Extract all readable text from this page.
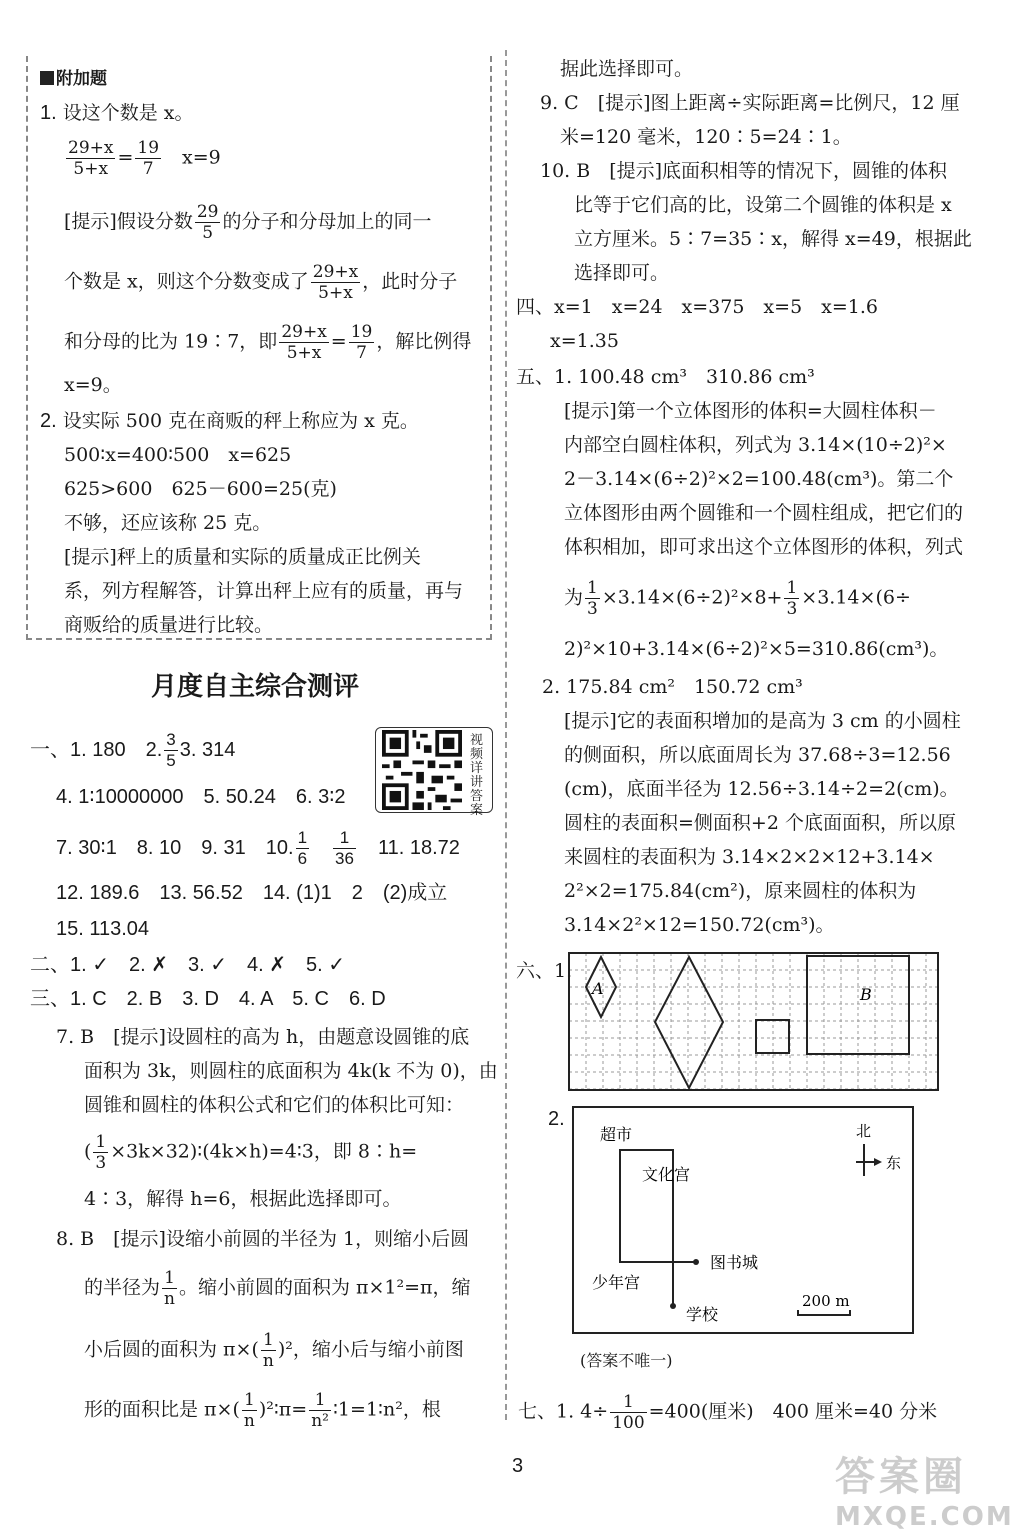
附加题
1. 设这个数是 x。
$\frac{29+x}{5+x} = \frac{19}{7}$
　 x=9
[提示]假设分数 $\frac{29}{5}$ 的分子和分母加上的同一
个数是 x，则这个分数变成了 $\frac{29+x}{5+x}$ ，此时分子
和分母的比为 19∶7，即 $\frac{29+x}{5+x} = \frac{19}{7}$ ，解比例得
x=9。
2. 设实际 500 克在商贩的秤上称应为 x 克。
500∶x=400∶500　x=625
625>600　625－600=25(克)
不够，还应该称 25 克。
[提示]秤上的质量和实际的质量成正比例关
系，列方程解答，计算出秤上应有的质量，再与
商贩给的质量进行比较。
月度自主综合测评
视频详讲答案
一、1. 180　2. $\frac{3}{5} 3$. 314
4. 1∶10000000　5. 50.24　6. 3∶2
7. 30∶1　8. 10　9. 31　10. $\frac{1}{6}$
　 $\frac{1}{36}$
　 11. 18.72
12. 189.6　13. 56.52　14. (1)1　2　(2)成立
15. 113.04
二、1. ✓　2. ✗　3. ✓　4. ✗　5. ✓
三、1. C　2. B　3. D　4. A　5. C　6. D
7. B　[提示]设圆柱的高为 h，由题意设圆锥的底
面积为 3k，则圆柱的底面积为 4k(k 不为 0)，由
圆锥和圆柱的体积公式和它们的体积比可知：
( $\frac{1}{3}$ ×3k×32)∶(4k×h)=4∶3，即 8∶h=
4∶3，解得 h=6，根据此选择即可。
8. B　[提示]设缩小前圆的半径为 1，则缩小后圆
的半径为 $\frac{1}{n}$ 。缩小前圆的面积为 π×1²=π，缩
小后圆的面积为 $\pi\times( \frac{1}{n} )^2$，缩小后与缩小前图
形的面积比是 $\pi\times( \frac{1}{n}$ )²∶π= $\frac{1}{\text{n²}}$ ∶1=1∶n²，根
据此选择即可。
9. C　[提示]图上距离÷实际距离=比例尺，12 厘
米=120 毫米，120∶5=24∶1。
10. B　[提示]底面积相等的情况下，圆锥的体积
比等于它们高的比，设第二个圆锥的体积是 x
立方厘米。5∶7=35∶x，解得 x=49，根据此
选择即可。
四、x=1　x=24　x=375　x=5　x=1.6
x=1.35
五、1. 100.48 cm³　310.86 cm³
[提示]第一个立体图形的体积=大圆柱体积－
内部空白圆柱体积，列式为 3.14×(10÷2)²×
2－3.14×(6÷2)²×2=100.48(cm³)。第二个
立体图形由两个圆锥和一个圆柱组成，把它们的
体积相加，即可求出这个立体图形的体积，列式
为 $\frac{1}{3} \times 3.14\times(6\div 2)^2\times 8+ \frac{1}{3} \times 3.14\times(6\div$
2)²×10+3.14×(6÷2)²×5=310.86(cm³)。
2. 175.84 cm²　150.72 cm³
[提示]它的表面积增加的是高为 3 cm 的小圆柱
的侧面积，所以底面周长为 37.68÷3=12.56
(cm)，底面半径为 12.56÷3.14÷2=2(cm)。
圆柱的表面积=侧面积+2 个底面面积，所以原
来圆柱的表面积为 3.14×2×2×12+3.14×
2²×2=175.84(cm²)，原来圆柱的体积为
3.14×2²×12=150.72(cm³)。
六、1.
A	B
2.
超市
文化宫
图书城
少年宫
学校
北
东
200 m
(答案不唯一)
七、1. $4\div \frac{1}{100} =400$(厘米)　400 厘米=40 分米
3	答案圈
MXQE.COM
